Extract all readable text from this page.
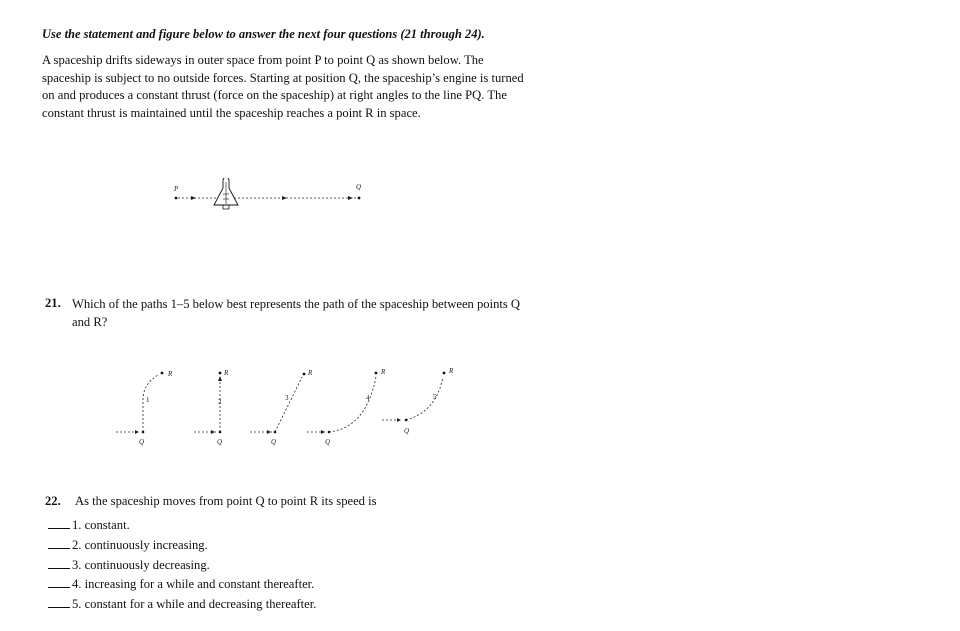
Use the statement and figure below to answer the next four questions (21 through 24).
A spaceship drifts sideways in outer space from point P to point Q as shown below. The spaceship is subject to no outside forces. Starting at position Q, the spaceship’s engine is turned on and produces a constant thrust (force on the spaceship) at right angles to the line PQ. The constant thrust is maintained until the spaceship reaches a point R in space.
P	Q
21. Which of the paths 1–5 below best represents the path of the spaceship between points Q and R?
R
1
Q
R
2
Q
R
3
Q
R
4
Q
R
5
Q
22. As the spaceship moves from point Q to point R its speed is
1. constant.
2. continuously increasing.
3. continuously decreasing.
4. increasing for a while and constant thereafter.
5. constant for a while and decreasing thereafter.
